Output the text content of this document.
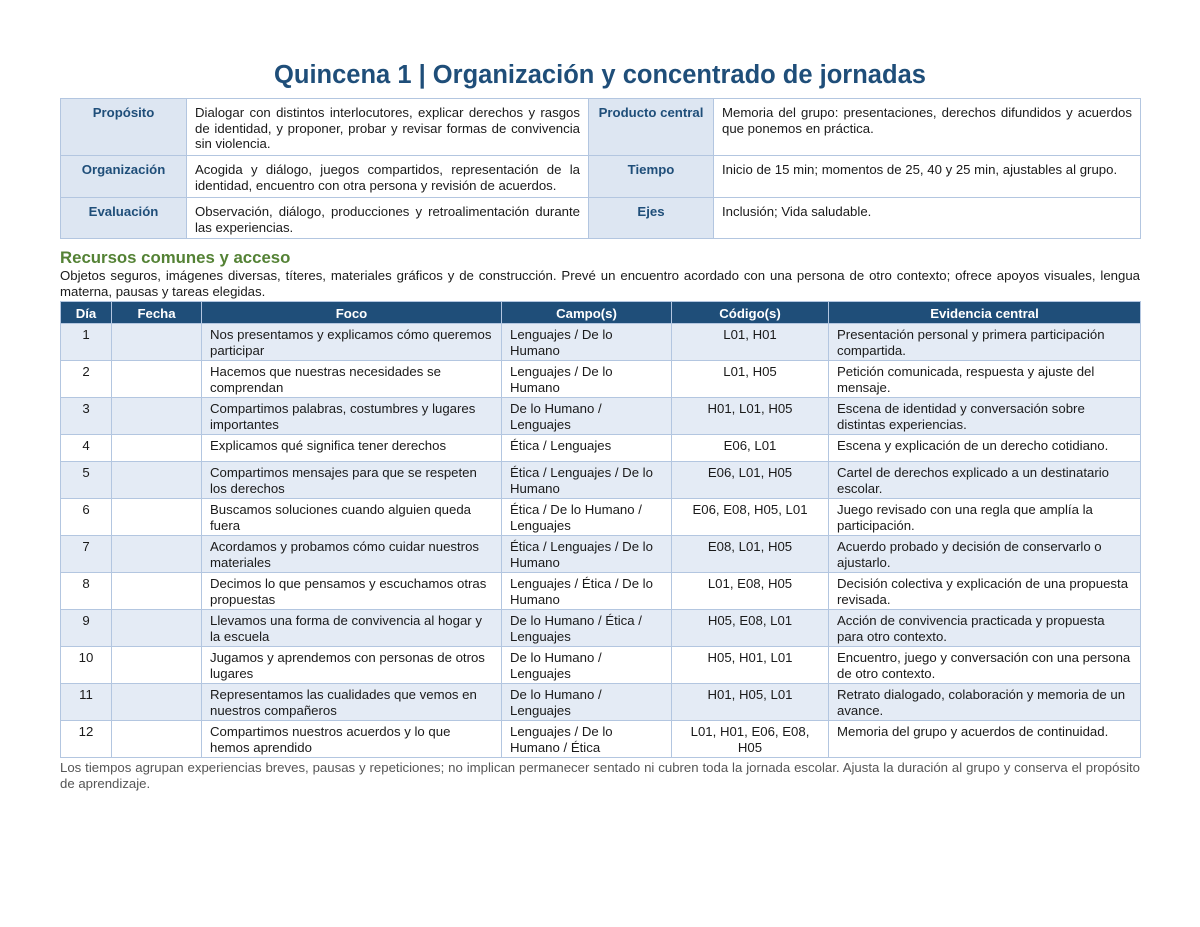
Quincena 1 | Organización y concentrado de jornadas
Propósito	Dialogar con distintos interlocutores, explicar derechos y rasgos de identidad, y proponer, probar y revisar formas de convivencia sin violencia.	Producto central	Memoria del grupo: presentaciones, derechos difundidos y acuerdos que ponemos en práctica.
Organización	Acogida y diálogo, juegos compartidos, representación de la identidad, encuentro con otra persona y revisión de acuerdos.	Tiempo	Inicio de 15 min; momentos de 25, 40 y 25 min, ajustables al grupo.
Evaluación	Observación, diálogo, producciones y retroalimentación durante las experiencias.	Ejes	Inclusión; Vida saludable.
Recursos comunes y acceso

Objetos seguros, imágenes diversas, títeres, materiales gráficos y de construcción. Prevé un encuentro acordado con una persona de otro contexto; ofrece apoyos visuales, lengua materna, pausas y tareas elegidas.

Día	Fecha	Foco	Campo(s)	Código(s)	Evidencia central
1		Nos presentamos y explicamos cómo queremos participar	Lenguajes / De lo Humano	L01, H01	Presentación personal y primera participación compartida.
2		Hacemos que nuestras necesidades se comprendan	Lenguajes / De lo Humano	L01, H05	Petición comunicada, respuesta y ajuste del mensaje.
3		Compartimos palabras, costumbres y lugares importantes	De lo Humano / Lenguajes	H01, L01, H05	Escena de identidad y conversación sobre distintas experiencias.
4		Explicamos qué significa tener derechos	Ética / Lenguajes	E06, L01	Escena y explicación de un derecho cotidiano.
5		Compartimos mensajes para que se respeten los derechos	Ética / Lenguajes / De lo Humano	E06, L01, H05	Cartel de derechos explicado a un destinatario escolar.
6		Buscamos soluciones cuando alguien queda fuera	Ética / De lo Humano / Lenguajes	E06, E08, H05, L01	Juego revisado con una regla que amplía la participación.
7		Acordamos y probamos cómo cuidar nuestros materiales	Ética / Lenguajes / De lo Humano	E08, L01, H05	Acuerdo probado y decisión de conservarlo o ajustarlo.
8		Decimos lo que pensamos y escuchamos otras propuestas	Lenguajes / Ética / De lo Humano	L01, E08, H05	Decisión colectiva y explicación de una propuesta revisada.
9		Llevamos una forma de convivencia al hogar y la escuela	De lo Humano / Ética / Lenguajes	H05, E08, L01	Acción de convivencia practicada y propuesta para otro contexto.
10		Jugamos y aprendemos con personas de otros lugares	De lo Humano / Lenguajes	H05, H01, L01	Encuentro, juego y conversación con una persona de otro contexto.
11		Representamos las cualidades que vemos en nuestros compañeros	De lo Humano / Lenguajes	H01, H05, L01	Retrato dialogado, colaboración y memoria de un avance.
12		Compartimos nuestros acuerdos y lo que hemos aprendido	Lenguajes / De lo Humano / Ética	L01, H01, E06, E08, H05	Memoria del grupo y acuerdos de continuidad.

Los tiempos agrupan experiencias breves, pausas y repeticiones; no implican permanecer sentado ni cubren toda la jornada escolar. Ajusta la duración al grupo y conserva el propósito de aprendizaje.
